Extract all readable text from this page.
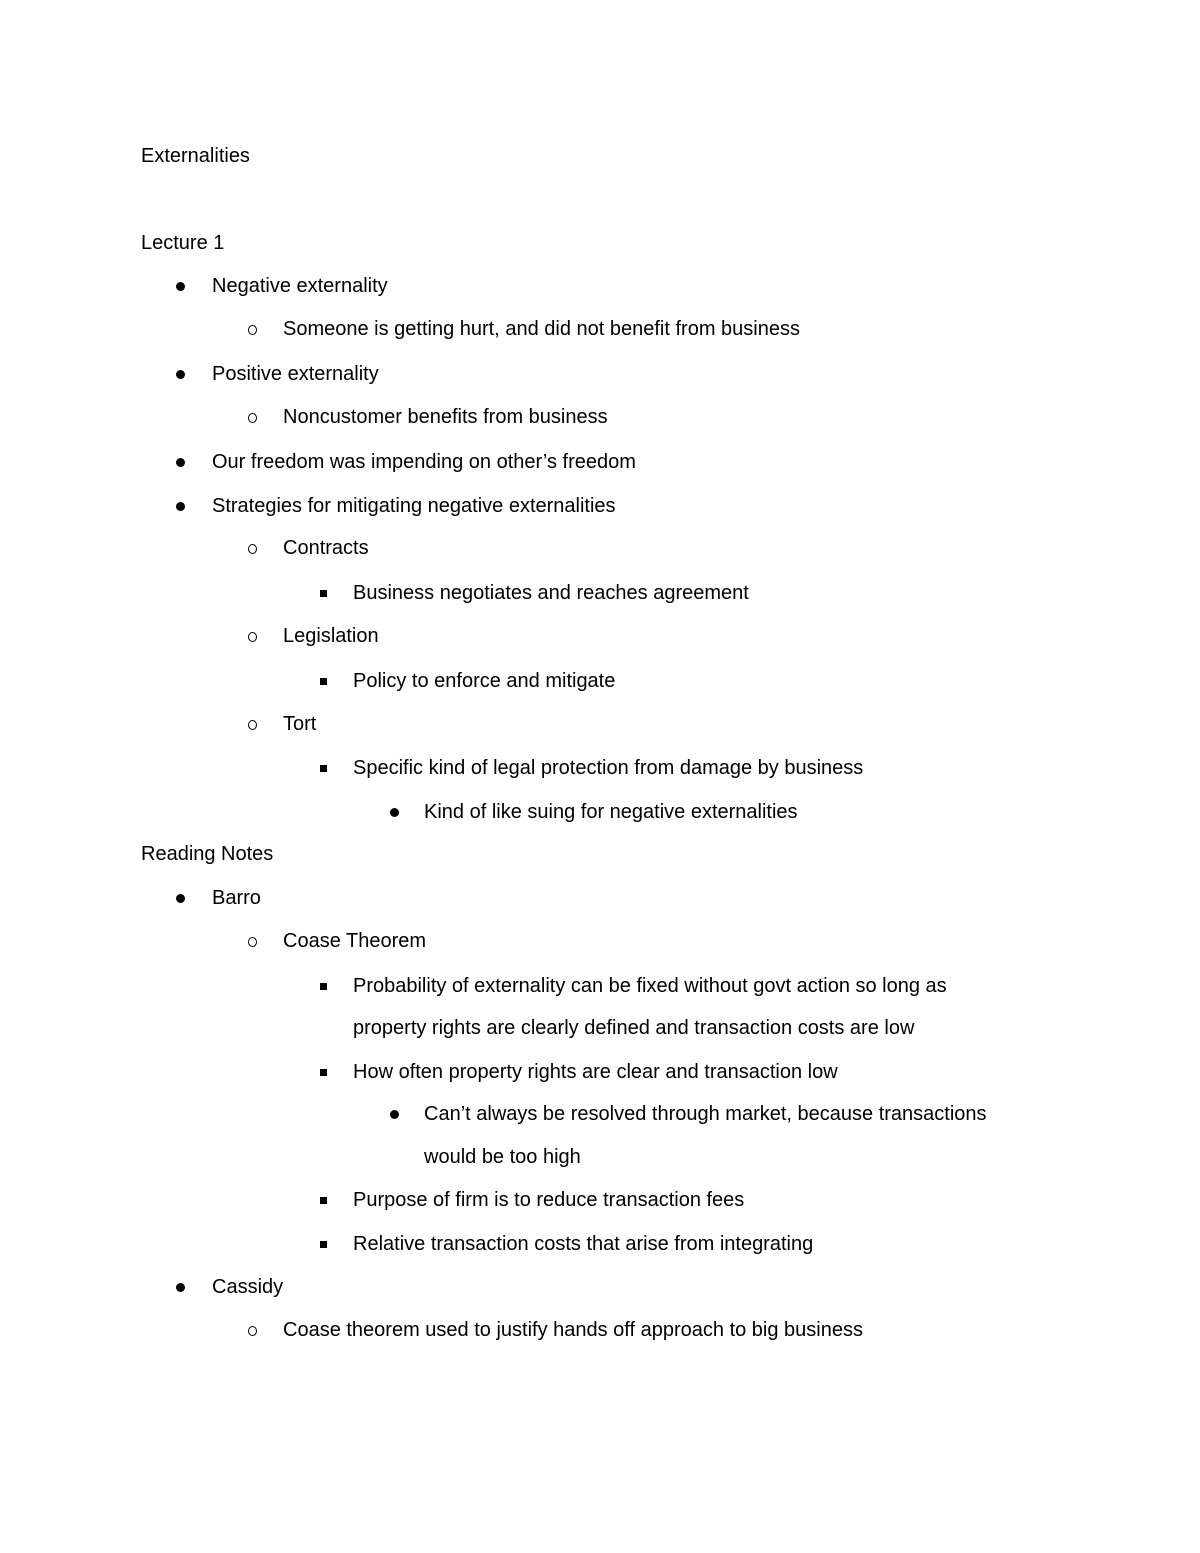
Externalities
Lecture 1
Negative externality
Someone is getting hurt, and did not benefit from business
Positive externality
Noncustomer benefits from business
Our freedom was impending on other’s freedom
Strategies for mitigating negative externalities
Contracts
Business negotiates and reaches agreement
Legislation
Policy to enforce and mitigate
Tort
Specific kind of legal protection from damage by business
Kind of like suing for negative externalities
Reading Notes
Barro
Coase Theorem
Probability of externality can be fixed without govt action so long as
property rights are clearly defined and transaction costs are low
How often property rights are clear and transaction low
Can’t always be resolved through market, because transactions
would be too high
Purpose of firm is to reduce transaction fees
Relative transaction costs that arise from integrating
Cassidy
Coase theorem used to justify hands off approach to big business
